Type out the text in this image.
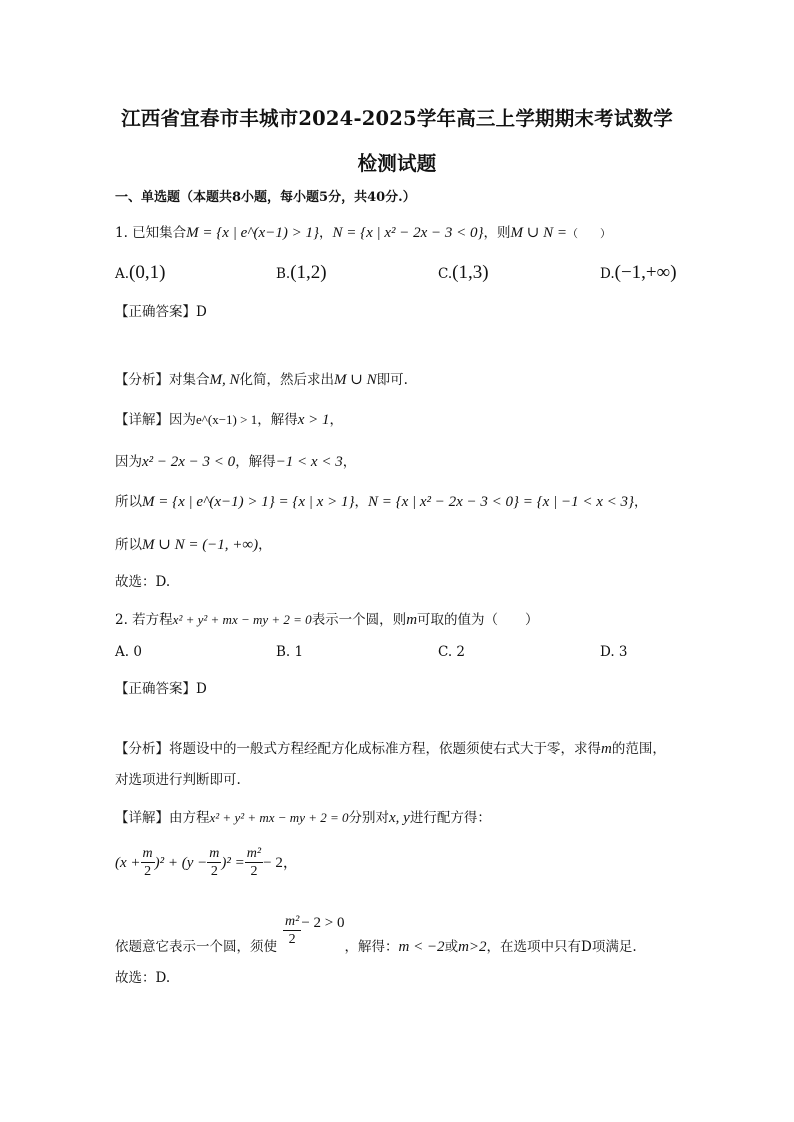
江西省宜春市丰城市2024-2025学年高三上学期期末考试数学
检测试题
一、单选题（本题共8小题，每小题5分，共40分.）
1. 已知集合M = {x | e^(x−1) > 1}，N = {x | x² − 2x − 3 < 0}，则M ∪ N =（　　）
A.(0,1)	B.(1,2)	C.(1,3)	D.(−1,+∞)
【正确答案】D
【分析】对集合M, N化简，然后求出M ∪ N即可.
【详解】因为e^(x−1) > 1，解得x > 1，
因为x² − 2x − 3 < 0，解得−1 < x < 3，
所以M = {x | e^(x−1) > 1} = {x | x > 1}，N = {x | x² − 2x − 3 < 0} = {x | −1 < x < 3}，
所以M ∪ N = (−1, +∞)，
故选：D.
2. 若方程x² + y² + mx − my + 2 = 0表示一个圆，则m可取的值为（　　）
A. 0	B. 1	C. 2	D. 3
【正确答案】D
【分析】将题设中的一般式方程经配方化成标准方程，依题须使右式大于零，求得m的范围，
对选项进行判断即可.
【详解】由方程x² + y² + mx − my + 2 = 0分别对x, y进行配方得：
$(x + \frac{m}{2} )^2 + (y - \frac{m}{2} )^2 = \frac{\text{m²}}{2} - 2$，
依题意它表示一个圆，须使 $\frac{\text{m²}}{2} - 2 > 0$，解得：m < −2或m>2，在选项中只有D项满足.
故选：D.
